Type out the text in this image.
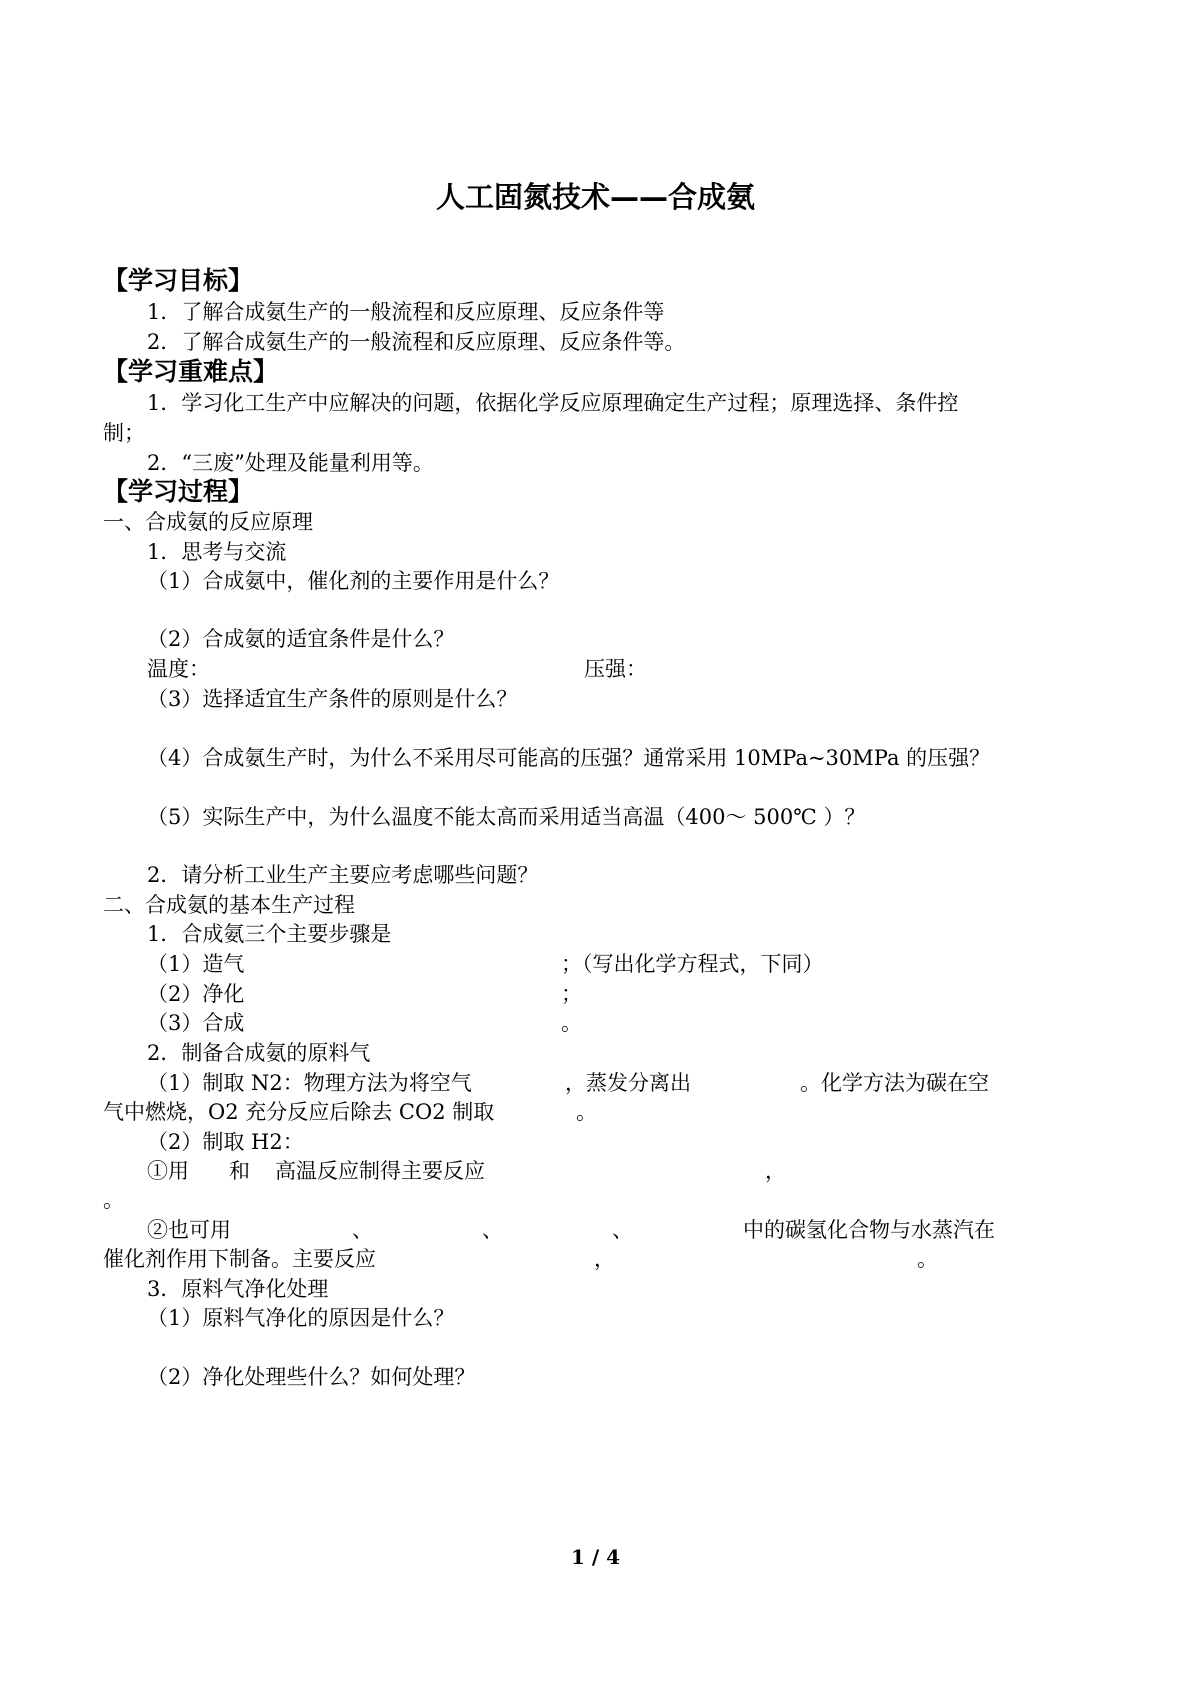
人工固氮技术——合成氨
【学习目标】
1．了解合成氨生产的一般流程和反应原理、反应条件等
2．了解合成氨生产的一般流程和反应原理、反应条件等。
【学习重难点】
1．学习化工生产中应解决的问题，依据化学反应原理确定生产过程；原理选择、条件控
制；
2．“三废”处理及能量利用等。
【学习过程】
一、合成氨的反应原理
1．思考与交流
（1）合成氨中，催化剂的主要作用是什么？
（2）合成氨的适宜条件是什么？
温度：	压强：
（3）选择适宜生产条件的原则是什么？
（4）合成氨生产时，为什么不采用尽可能高的压强？通常采用 10MPa~30MPa 的压强？
（5）实际生产中，为什么温度不能太高而采用适当高温（400～ 500℃ ）？
2．请分析工业生产主要应考虑哪些问题？
二、合成氨的基本生产过程
1．合成氨三个主要步骤是
（1）造气	；（写出化学方程式，下同）
（2）净化	；
（3）合成	。
2．制备合成氨的原料气
（1）制取 N2：物理方法为将空气	，蒸发分离出	。化学方法为碳在空
气中燃烧，O2 充分反应后除去 CO2 制取	。
（2）制取 H2：
①用 和 高温反应制得主要反应	，
。
②也可用	、	、	、	中的碳氢化合物与水蒸汽在
催化剂作用下制备。主要反应	，	。
3．原料气净化处理
（1）原料气净化的原因是什么？
（2）净化处理些什么？如何处理？
1 / 4
